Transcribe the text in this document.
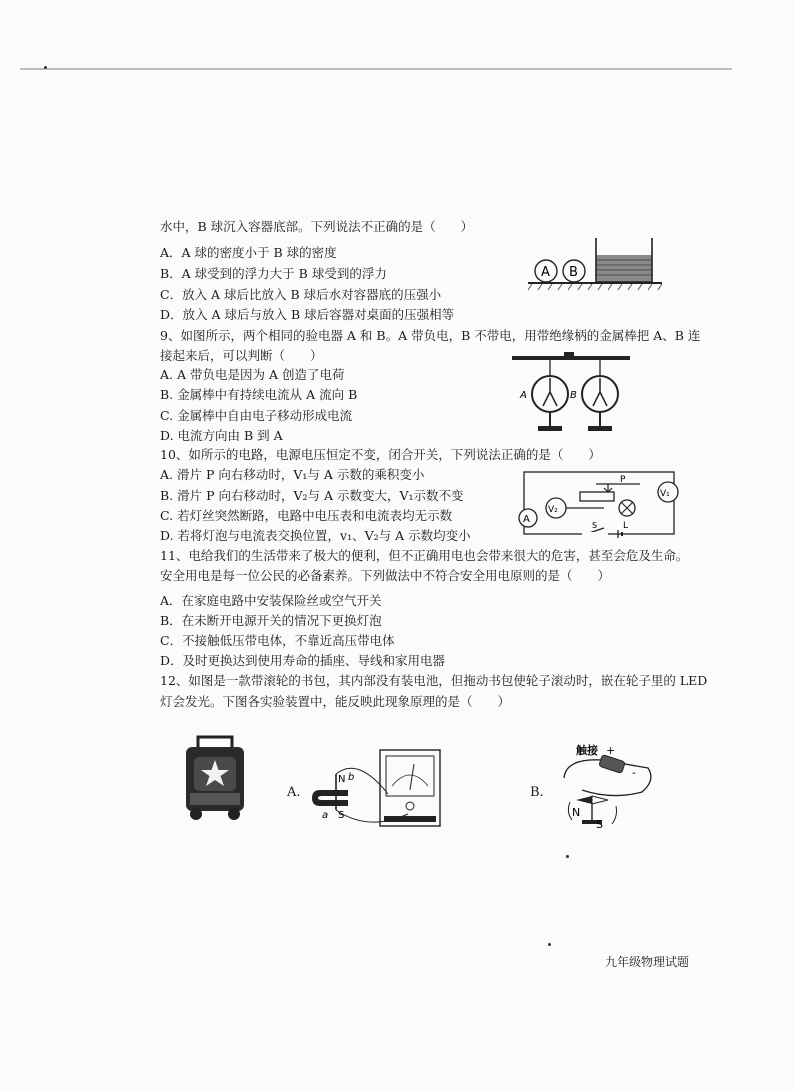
水中，B 球沉入容器底部。下列说法不正确的是（　　）
A．A 球的密度小于 B 球的密度
B．A 球受到的浮力大于 B 球受到的浮力
C．放入 A 球后比放入 B 球后水对容器底的压强小
D．放入 A 球后与放入 B 球后容器对桌面的压强相等
A B
9、如图所示，两个相同的验电器 A 和 B。A 带负电，B 不带电，用带绝缘柄的金属棒把 A、B 连
接起来后，可以判断（　　）
A. A 带负电是因为 A 创造了电荷
B. 金属棒中有持续电流从 A 流向 B
C. 金属棒中自由电子移动形成电流
D. 电流方向由 B 到 A
A	B
10、如所示的电路，电源电压恒定不变，闭合开关，下列说法正确的是（　　）
A. 滑片 P 向右移动时，V₁与 A 示数的乘积变小
B. 滑片 P 向右移动时，V₂与 A 示数变大，V₁示数不变
C. 若灯丝突然断路，电路中电压表和电流表均无示数
D. 若将灯泡与电流表交换位置，v₁、V₂与 A 示数均变小
A
V₂
P
L
V₁
S
11、电给我们的生活带来了极大的便利，但不正确用电也会带来很大的危害，甚至会危及生命。
安全用电是每一位公民的必备素养。下列做法中不符合安全用电原则的是（　　）
A．在家庭电路中安装保险丝或空气开关
B．在未断开电源开关的情况下更换灯泡
C．不接触低压带电体，不靠近高压带电体
D．及时更换达到使用寿命的插座、导线和家用电器
12、如图是一款带滚轮的书包，其内部没有装电池，但拖动书包使轮子滚动时，嵌在轮子里的 LED
灯会发光。下图各实验装置中，能反映此现象原理的是（　　）
A.
N b
a S
B.
触接 +
-
N
S
九年级物理试题
